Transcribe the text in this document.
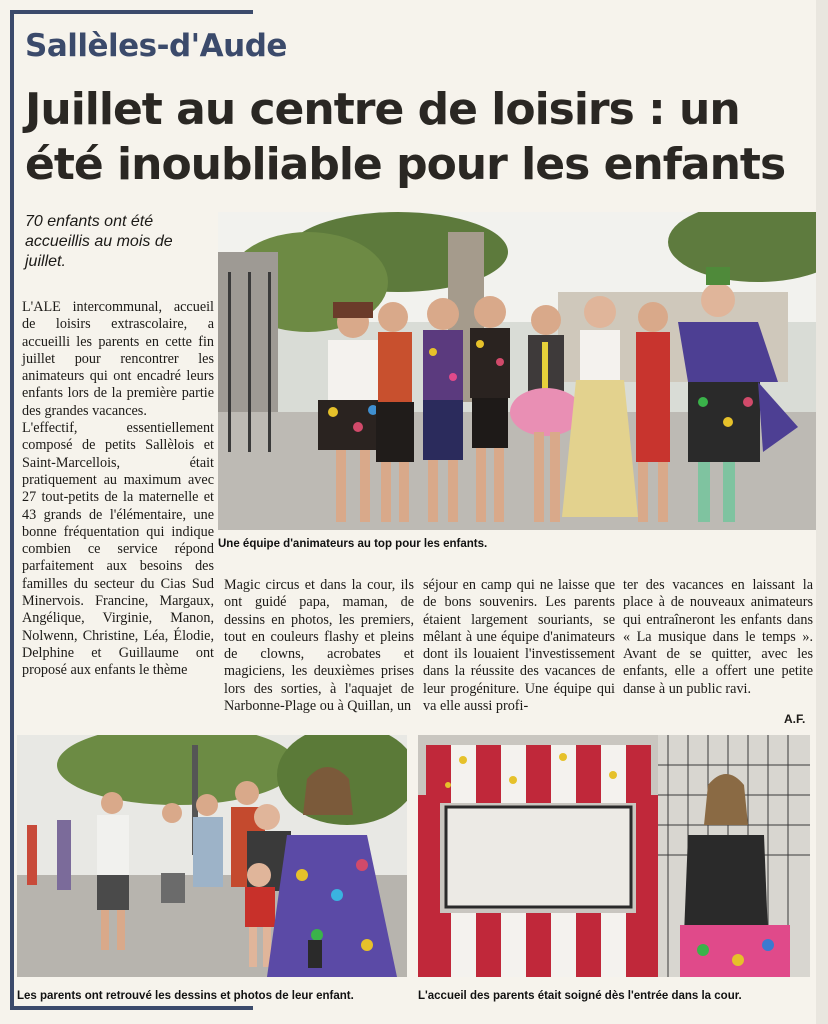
Sallèles-d'Aude
Juillet au centre de loisirs : un été inoubliable pour les enfants
70 enfants ont été accueillis au mois de juillet.
Une équipe d'animateurs au top pour les enfants.

L'ALE intercommunal, accueil de loisirs extrascolaire, a accueilli les parents en cette fin juillet pour rencontrer les animateurs qui ont encadré leurs enfants lors de la première partie des grandes vacances.

L'effectif, essentiellement composé de petits Sallèlois et Saint-Marcellois, était pratiquement au maximum avec 27 tout-petits de la maternelle et 43 grands de l'élémentaire, une bonne fréquentation qui indique combien ce service répond parfaitement aux besoins des familles du secteur du Cias Sud Minervois. Francine, Margaux, Angélique, Virginie, Manon, Nolwenn, Christine, Léa, Élodie, Delphine et Guillaume ont proposé aux enfants le thème

Magic circus et dans la cour, ils ont guidé papa, maman, de dessins en photos, les premiers, tout en couleurs flashy et pleins de clowns, acrobates et magiciens, les deuxièmes prises lors des sorties, à l'aquajet de Narbonne-Plage ou à Quillan, un
séjour en camp qui ne laisse que de bons souvenirs. Les parents étaient largement souriants, se mêlant à une équipe d'animateurs dont ils louaient l'investissement dans la réussite des vacances de leur progéniture. Une équipe qui va elle aussi profi-
ter des vacances en laissant la place à de nouveaux animateurs qui entraîneront les enfants dans « La musique dans le temps ». Avant de se quitter, avec les enfants, elle a offert une petite danse à un public ravi.
A.F.
Les parents ont retrouvé les dessins et photos de leur enfant.	L'accueil des parents était soigné dès l'entrée dans la cour.
